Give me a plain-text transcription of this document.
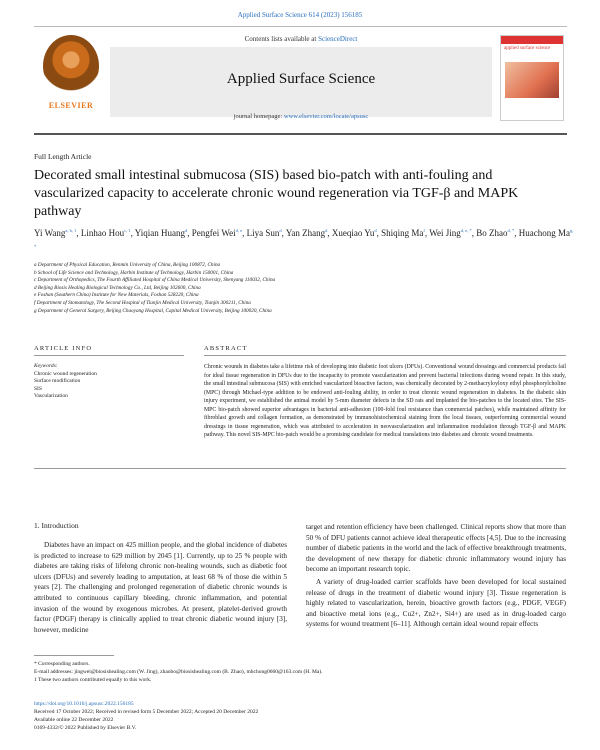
Applied Surface Science 614 (2023) 156185
ELSEVIER
Contents lists available at ScienceDirect
Applied Surface Science
journal homepage: www.elsevier.com/locate/apsusc
applied surface science
Full Length Article
Decorated small intestinal submucosa (SIS) based bio-patch with anti-fouling and vascularized capacity to accelerate chronic wound regeneration via TGF-β and MAPK pathway
Yi Wang$^{a, b, 1}$, Linhao Hou$^{c, 1}$, Yiqian Huang$^d$, Pengfei Wei$^{d, e}$, Liya Sun$^d$, Yan Zhang$^d$, Xueqiao Yu$^d$, Shiqing Ma$^f$, Wei Jing$^{d, e, *}$, Bo Zhao$^{d, *}$, Huachong $Ma^{g, *}$
a Department of Physical Education, Renmin University of China, Beijing 100872, China
b School of Life Science and Technology, Harbin Institute of Technology, Harbin 150001, China
c Department of Orthopedics, The Fourth Affiliated Hospital of China Medical University, Shenyang 110032, China
d Beijing Biosis Healing Biological Technology Co., Ltd, Beijing 102600, China
e Foshan (Southern China) Institute for New Materials, Foshan 528220, China
f Department of Stomatology, The Second Hospital of Tianjin Medical University, Tianjin 300211, China
g Department of General Surgery, Beijing Chaoyang Hospital, Capital Medical University, Beijing 100020, China
ARTICLE INFO	ABSTRACT
Keywords:
Chronic wound regeneration
Surface modification
SIS
Vascularization
Chronic wounds in diabetes take a lifetime risk of developing into diabetic foot ulcers (DFUs). Conventional wound dressings and commercial products fail for ideal tissue regeneration in DFUs due to the incapacity to promote vascularization and prevent bacterial infections during wound repair. In this study, the small intestinal submucosa (SIS) with enriched vascularized bioactive factors, was chemically decorated by 2-methacryloyloxy ethyl phosphorylcholine (MPC) through Michael-type addition to be endowed anti-fouling ability, in order to treat chronic wound regeneration in diabetes. In the diabetic skin injury experiment, we established the animal model by 5-mm diameter defects in the SD rats and implanted the bio-patches to the located sites. The SIS-MPC bio-patch showed superior advantages in bacterial anti-adhesion (100-fold foul resistance than commercial patches), while maintained affinity for fibroblast growth and collagen formation, as demonstrated by immunohistochemical staining from the local tissues, outperforming commercial wound dressings in tissue regeneration, which was attributed to acceleration in neovascularization and inflammation modulation through TGF-β and MAPK pathway. This novel SIS-MPC bio-patch would be a promising candidate for medical translations into diabetes and chronic wound treatments.
1. Introduction
Diabetes have an impact on 425 million people, and the global incidence of diabetes is predicted to increase to 629 million by 2045 [1]. Currently, up to 25 % people with diabetes are taking risks of lifelong chronic non-healing wounds, such as diabetic foot ulcers (DFUs) and severely leading to amputation, at least 68 % of those die within 5 years [2]. The challenging and prolonged regeneration of diabetic chronic wounds is attributed to continuous capillary bleeding, chronic inflammation, and potential invasion of the wound by exogenous microbes. At present, platelet-derived growth factor (PDGF) therapy is clinically applied to treat chronic diabetic wound injury [3], however, medicine

target and retention efficiency have been challenged. Clinical reports show that more than 50 % of DFU patients cannot achieve ideal therapeutic effects [4,5]. Due to the increasing number of diabetic patients in the world and the lack of effective breakthrough treatments, the development of new therapy for diabetic chronic inflammatory wound injury has become an important research topic.

A variety of drug-loaded carrier scaffolds have been developed for local sustained release of drugs in the treatment of diabetic wound injury [3]. Tissue regeneration is highly related to vascularization, herein, bioactive growth factors (e.g., PDGF, VEGF) and bioactive metal ions (e.g., Cu2+, Zn2+, Si4+) are used as in drug-loaded cargo systems for wound treatment [6–11]. Although certain ideal wound repair effects

* Corresponding authors.
E-mail addresses: jingwei@biosishealing.com (W. Jing), zhaobo@biosishealing.com (B. Zhao), mhchong0660@163.com (H. Ma).
1 These two authors contributed equally to this work.
https://doi.org/10.1016/j.apsusc.2022.156185
Received 17 October 2022; Received in revised form 5 December 2022; Accepted 20 December 2022
Available online 22 December 2022
0169-4332/© 2022 Published by Elsevier B.V.
